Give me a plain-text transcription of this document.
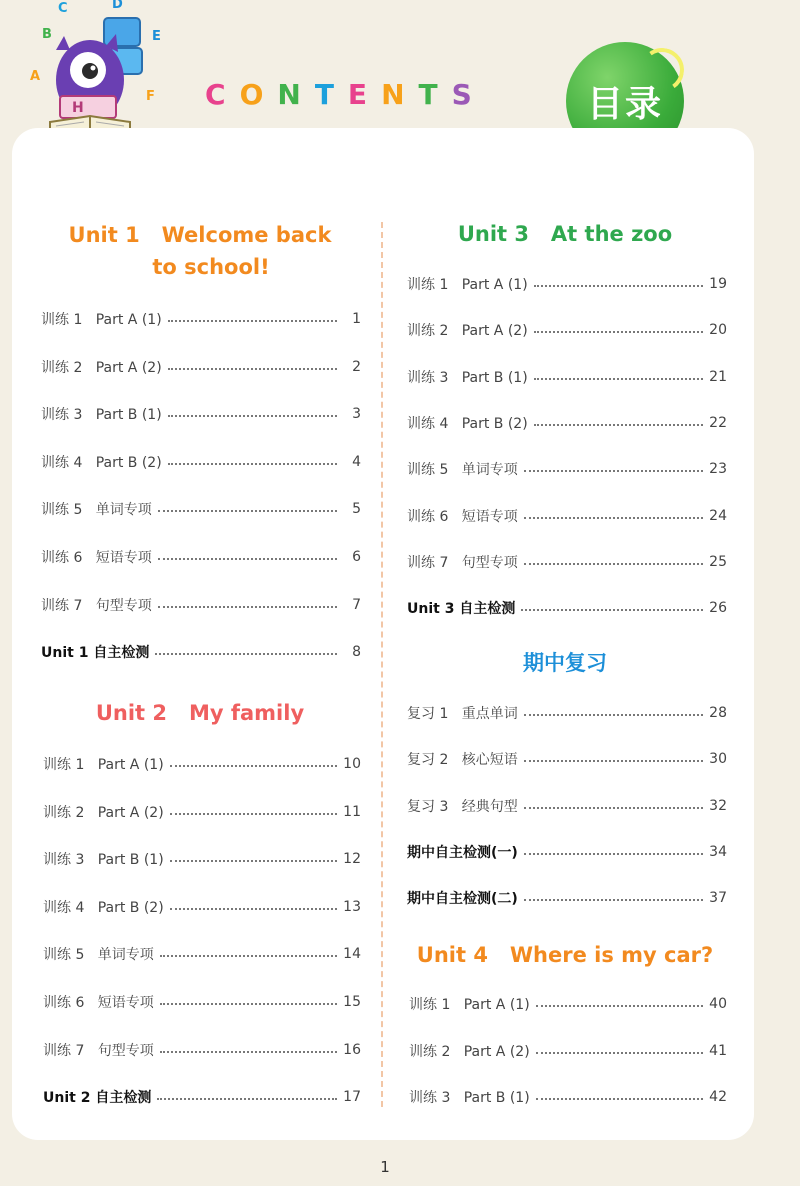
C
B
A
D
E
F
H	CONTENTS	目录
Unit 1   Welcome back
to school!
训练 1   Part A (1)	1
训练 2   Part A (2)	2
训练 3   Part B (1)	3
训练 4   Part B (2)	4
训练 5   单词专项	5
训练 6   短语专项	6
训练 7   句型专项	7
Unit 1 自主检测	8
Unit 2   My family
训练 1   Part A (1)	10
训练 2   Part A (2)	11
训练 3   Part B (1)	12
训练 4   Part B (2)	13
训练 5   单词专项	14
训练 6   短语专项	15
训练 7   句型专项	16
Unit 2 自主检测	17
Unit 3   At the zoo
训练 1   Part A (1)	19
训练 2   Part A (2)	20
训练 3   Part B (1)	21
训练 4   Part B (2)	22
训练 5   单词专项	23
训练 6   短语专项	24
训练 7   句型专项	25
Unit 3 自主检测	26
期中复习
复习 1   重点单词	28
复习 2   核心短语	30
复习 3   经典句型	32
期中自主检测(一)	34
期中自主检测(二)	37
Unit 4   Where is my car?
训练 1   Part A (1)	40
训练 2   Part A (2)	41
训练 3   Part B (1)	42
1
